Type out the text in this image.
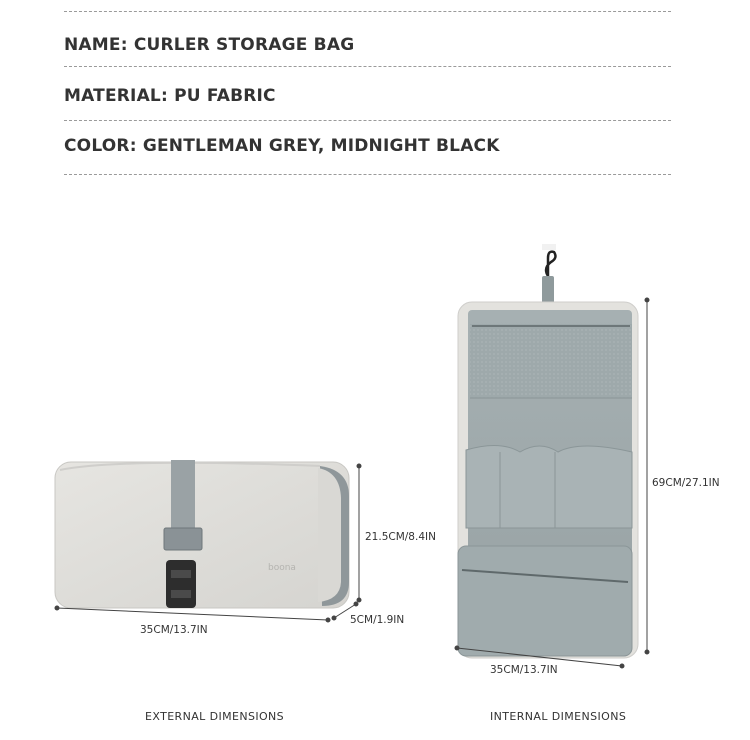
NAME: CURLER STORAGE BAG
MATERIAL: PU FABRIC
COLOR: GENTLEMAN GREY, MIDNIGHT BLACK
boona
35CM/13.7IN
21.5CM/8.4IN
5CM/1.9IN
69CM/27.1IN
35CM/13.7IN
EXTERNAL DIMENSIONS	INTERNAL DIMENSIONS
